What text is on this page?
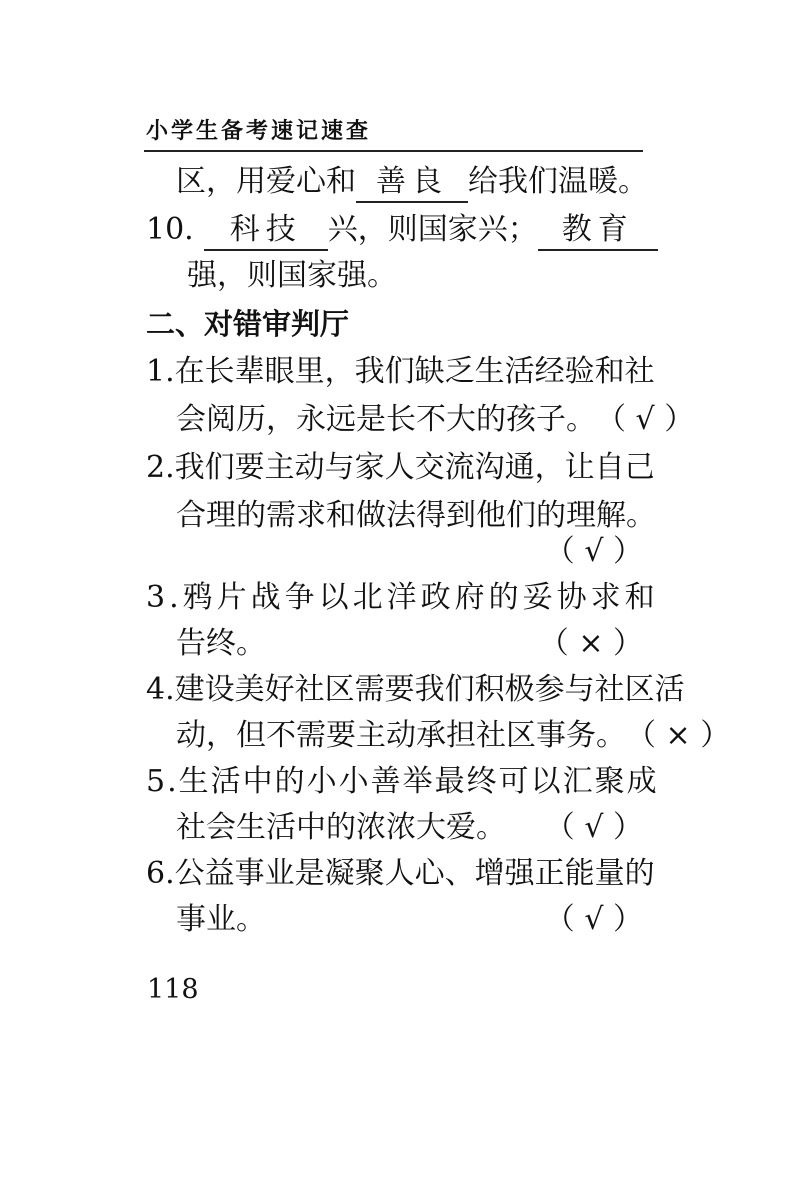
小学生备考速记速查
区，用爱心和 善良 给我们温暖。
10. 科技 兴，则国家兴； 教育
强，则国家强。
二、对错审判厅
1.在长辈眼里，我们缺乏生活经验和社
会阅历，永远是长不大的孩子。 （ √ ）
2.我们要主动与家人交流沟通，让自己
合理的需求和做法得到他们的理解。
（ √ ）
3.鸦片战争以北洋政府的妥协求和
告终。	（ × ）
4.建设美好社区需要我们积极参与社区活
动，但不需要主动承担社区事务。 （ × ）
5.生活中的小小善举最终可以汇聚成
社会生活中的浓浓大爱。 （ √ ）
6.公益事业是凝聚人心、增强正能量的
事业。	（ √ ）
118
